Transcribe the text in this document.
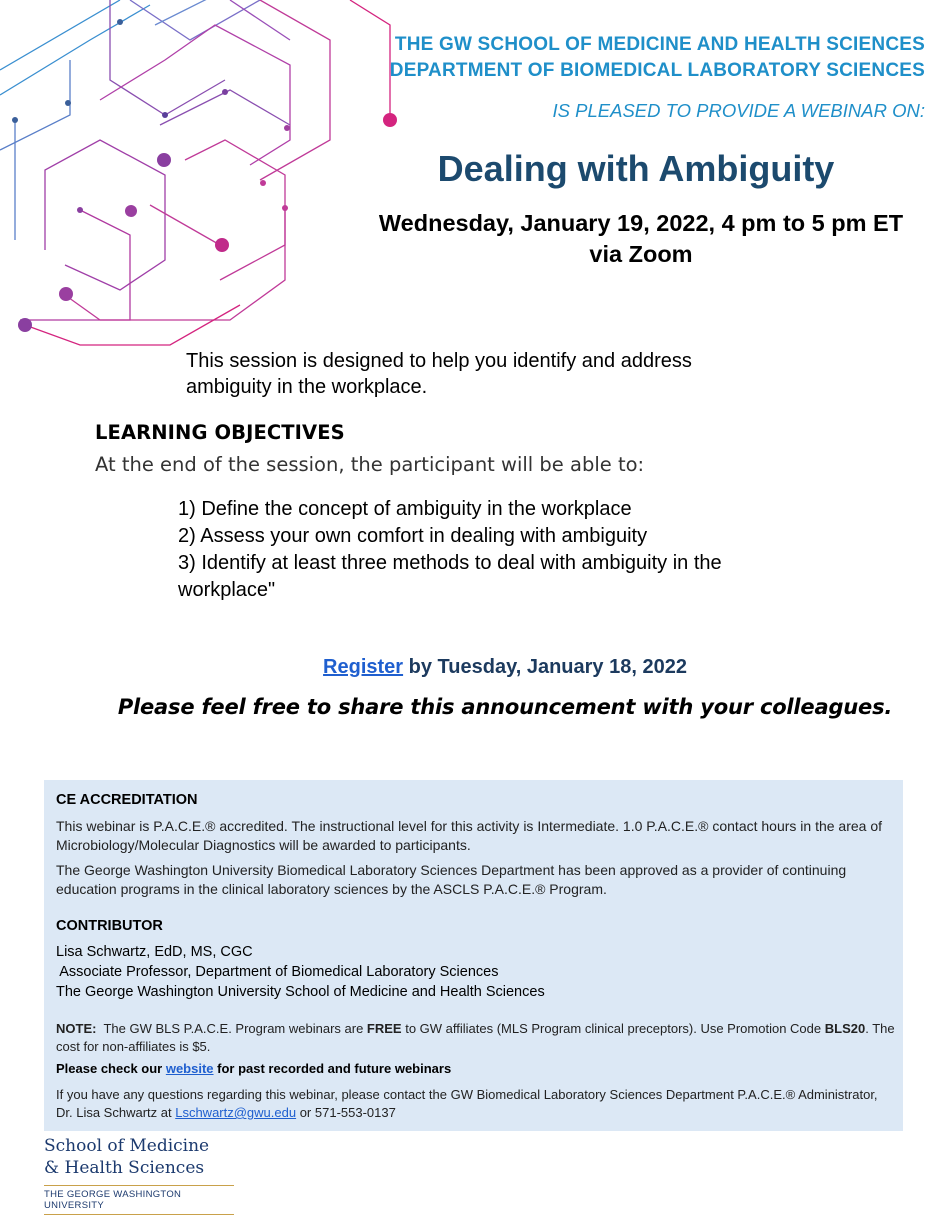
THE GW SCHOOL OF MEDICINE AND HEALTH SCIENCES
DEPARTMENT OF BIOMEDICAL LABORATORY SCIENCES
IS PLEASED TO PROVIDE A WEBINAR ON:
Dealing with Ambiguity
Wednesday, January 19, 2022, 4 pm to 5 pm ET
via Zoom
This session is designed to help you identify and address ambiguity in the workplace.
LEARNING OBJECTIVES
At the end of the session, the participant will be able to:
1) Define the concept of ambiguity in the workplace
2) Assess your own comfort in dealing with ambiguity
3) Identify at least three methods to deal with ambiguity in the workplace"
Register by Tuesday, January 18, 2022
Please feel free to share this announcement with your colleagues.
CE ACCREDITATION
This webinar is P.A.C.E.® accredited. The instructional level for this activity is Intermediate. 1.0 P.A.C.E.® contact hours in the area of Microbiology/Molecular Diagnostics will be awarded to participants.
The George Washington University Biomedical Laboratory Sciences Department has been approved as a provider of continuing education programs in the clinical laboratory sciences by the ASCLS P.A.C.E.® Program.
CONTRIBUTOR
Lisa Schwartz, EdD, MS, CGC
Associate Professor, Department of Biomedical Laboratory Sciences
The George Washington University School of Medicine and Health Sciences
NOTE:  The GW BLS P.A.C.E. Program webinars are FREE to GW affiliates (MLS Program clinical preceptors). Use Promotion Code BLS20. The cost for non-affiliates is $5.
Please check our website for past recorded and future webinars
If you have any questions regarding this webinar, please contact the GW Biomedical Laboratory Sciences Department P.A.C.E.® Administrator, Dr. Lisa Schwartz at Lschwartz@gwu.edu or 571-553-0137
School of Medicine
& Health Sciences
THE GEORGE WASHINGTON UNIVERSITY
